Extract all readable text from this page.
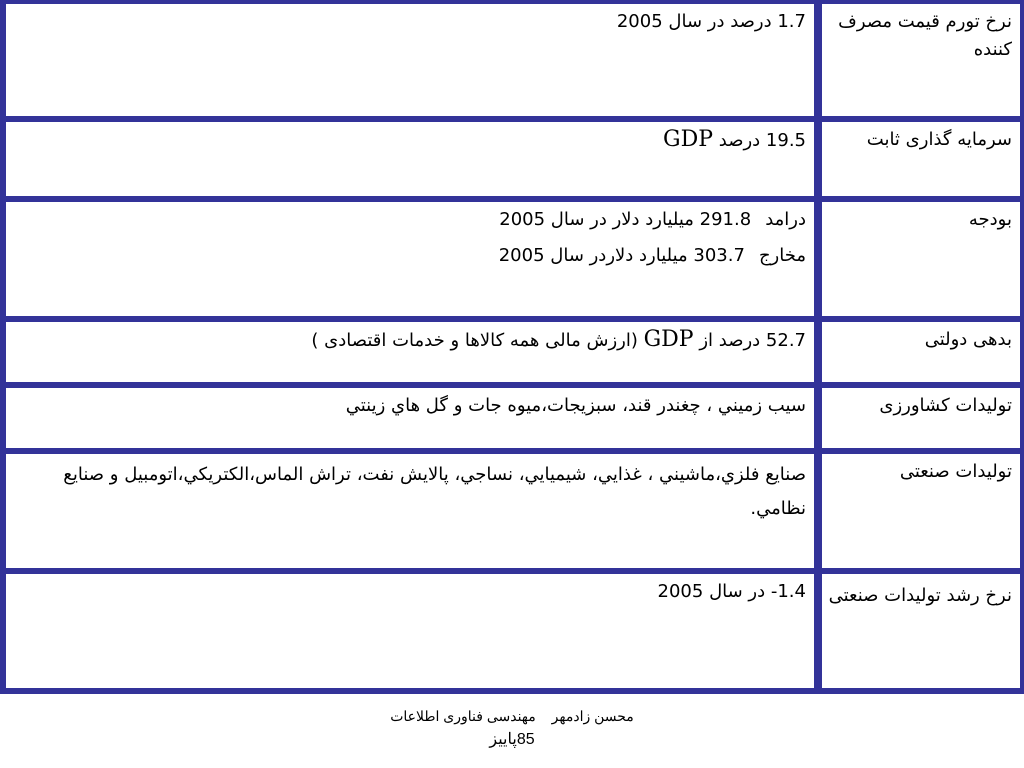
نرخ تورم قيمت مصرف كننده
1.7 درصد در سال 2005
سرمايه گذاری ثابت
19.5 درصد GDP
بودجه
درامد291.8 ميليارد دلار در سال 2005
مخارج303.7 ميليارد دلاردر سال 2005
بدهی دولتی
52.7 درصد از GDP (ارزش مالی همه كالاها و خدمات اقتصادی )
توليدات كشاورزی
سيب زميني ، چغندر قند، سبزيجات،ميوه جات و گل هاي زينتي
توليدات صنعتی
صنايع فلزي،ماشيني ، غذايي، شيميايي، نساجي، پالايش نفت، تراش الماس،الكتريكي،اتومبيل و صنايع نظامي.
نرخ رشد توليدات صنعتی
1.4- در سال 2005
محسن زادمهر مهندسی فناوری اطلاعات
85پاییز
